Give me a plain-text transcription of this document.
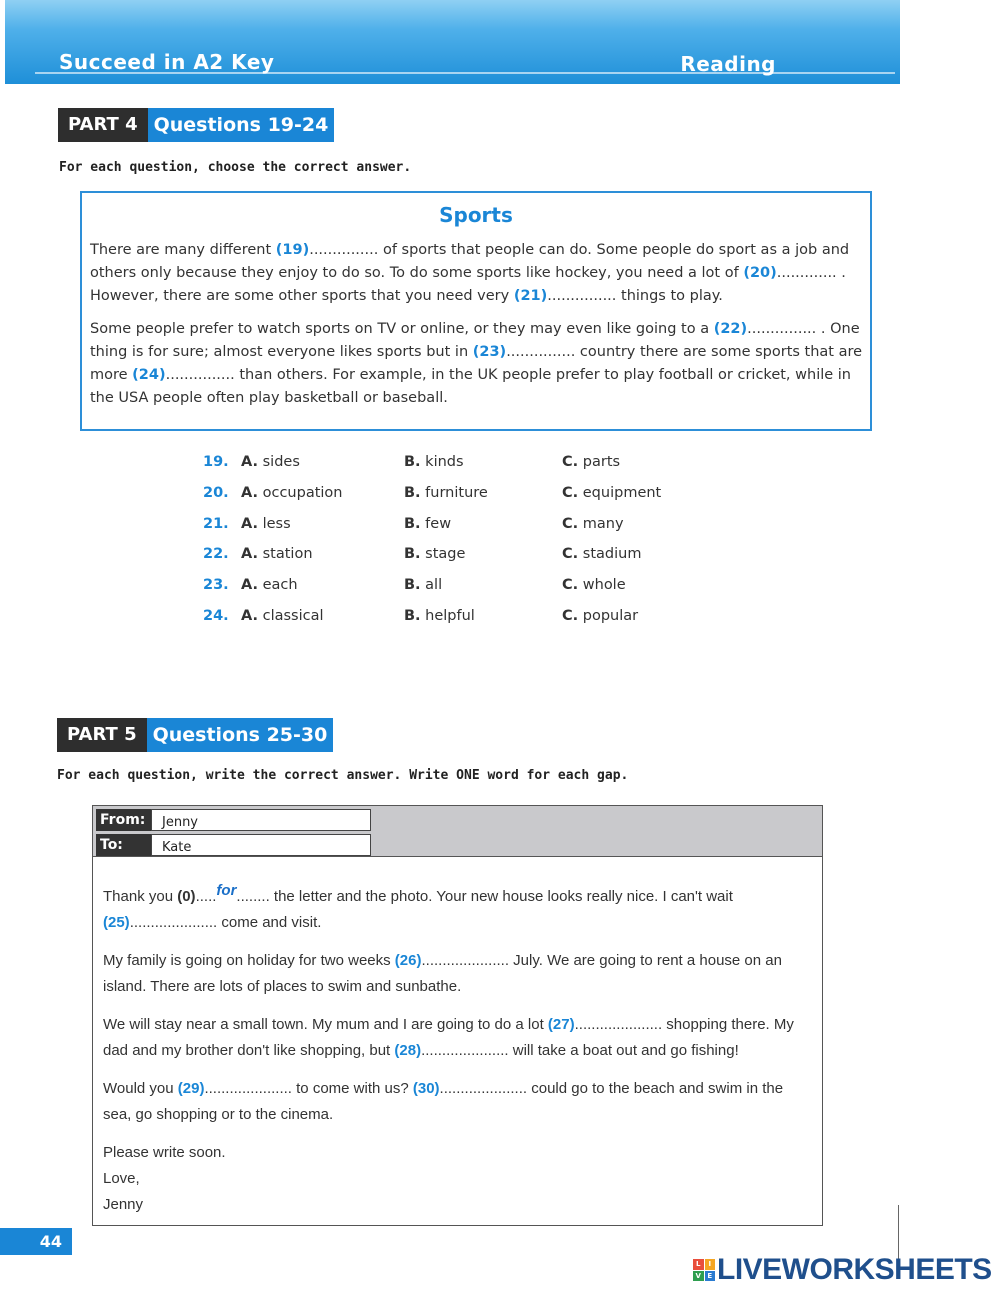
Succeed in A2 Key	Reading
PART 4 Questions 19-24
For each question, choose the correct answer.
Sports

There are many different (19)............... of sports that people can do. Some people do sport as a job and others only because they enjoy to do so. To do some sports like hockey, you need a lot of (20)............. . However, there are some other sports that you need very (21)............... things to play.

Some people prefer to watch sports on TV or online, or they may even like going to a (22)............... . One thing is for sure; almost everyone likes sports but in (23)............... country there are some sports that are more (24)............... than others. For example, in the UK people prefer to play football or cricket, while in the USA people often play basketball or baseball.

19. A. sides	B. kinds	C. parts
20. A. occupation	B. furniture	C. equipment
21. A. less	B. few	C. many
22. A. station	B. stage	C. stadium
23. A. each	B. all	C. whole
24. A. classical	B. helpful	C. popular
PART 5 Questions 25-30
For each question, write the correct answer. Write ONE word for each gap.
From:	Jenny
To:	Kate

Thank you (0).....for........ the letter and the photo. Your new house looks really nice. I can't wait (25)..................... come and visit.

My family is going on holiday for two weeks (26)..................... July. We are going to rent a house on an island. There are lots of places to swim and sunbathe.

We will stay near a small town. My mum and I are going to do a lot (27)..................... shopping there. My dad and my brother don't like shopping, but (28)..................... will take a boat out and go fishing!

Would you (29)..................... to come with us? (30)..................... could go to the beach and swim in the sea, go shopping or to the cinema.

Please write soon.

Love,

Jenny

44
L	I
V E LIVEWORKSHEETS
